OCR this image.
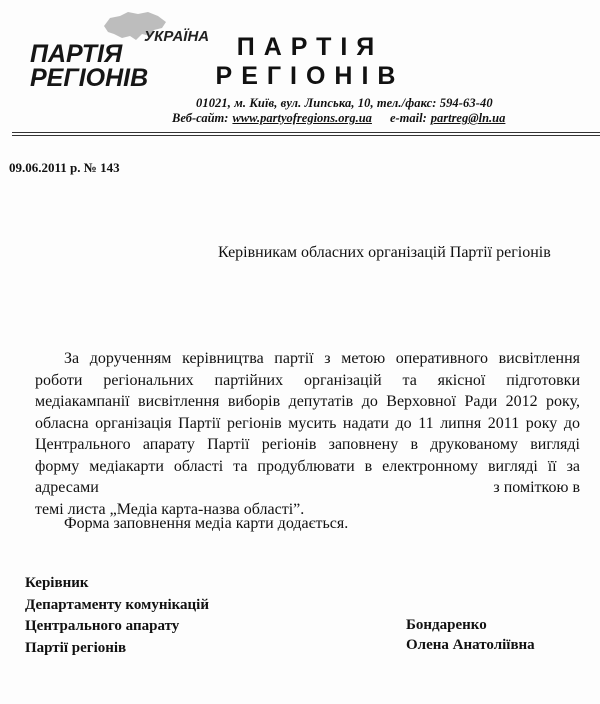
УКРАЇНА
ПАРТІЯ
РЕГІОНІВ
ПАРТІЯ
РЕГІОНІВ
01021, м. Київ, вул. Липська, 10, тел./факс: 594-63-40
Веб-сайт: www.partyofregions.org.ua e-mail: partreg@ln.ua
09.06.2011 р. № 143
Керівникам обласних організацій Партії регіонів
За дорученням керівництва партії з метою оперативного висвітлення
роботи регіональних партійних організацій та якісної підготовки
медіакампанії висвітлення виборів депутатів до Верховної Ради 2012 року,
обласна організація Партії регіонів мусить надати до 11 липня 2011 року до
Центрального апарату Партії регіонів заповнену в друкованому вигляді
форму медіакарти області та продублювати в електронному вигляді її за
адресами	з поміткою в
темі листа „Медіа карта-назва області”.
Форма заповнення медіа карти додається.
Керівник
Департаменту комунікацій
Центрального апарату
Партії регіонів
Бондаренко
Олена Анатоліївна
